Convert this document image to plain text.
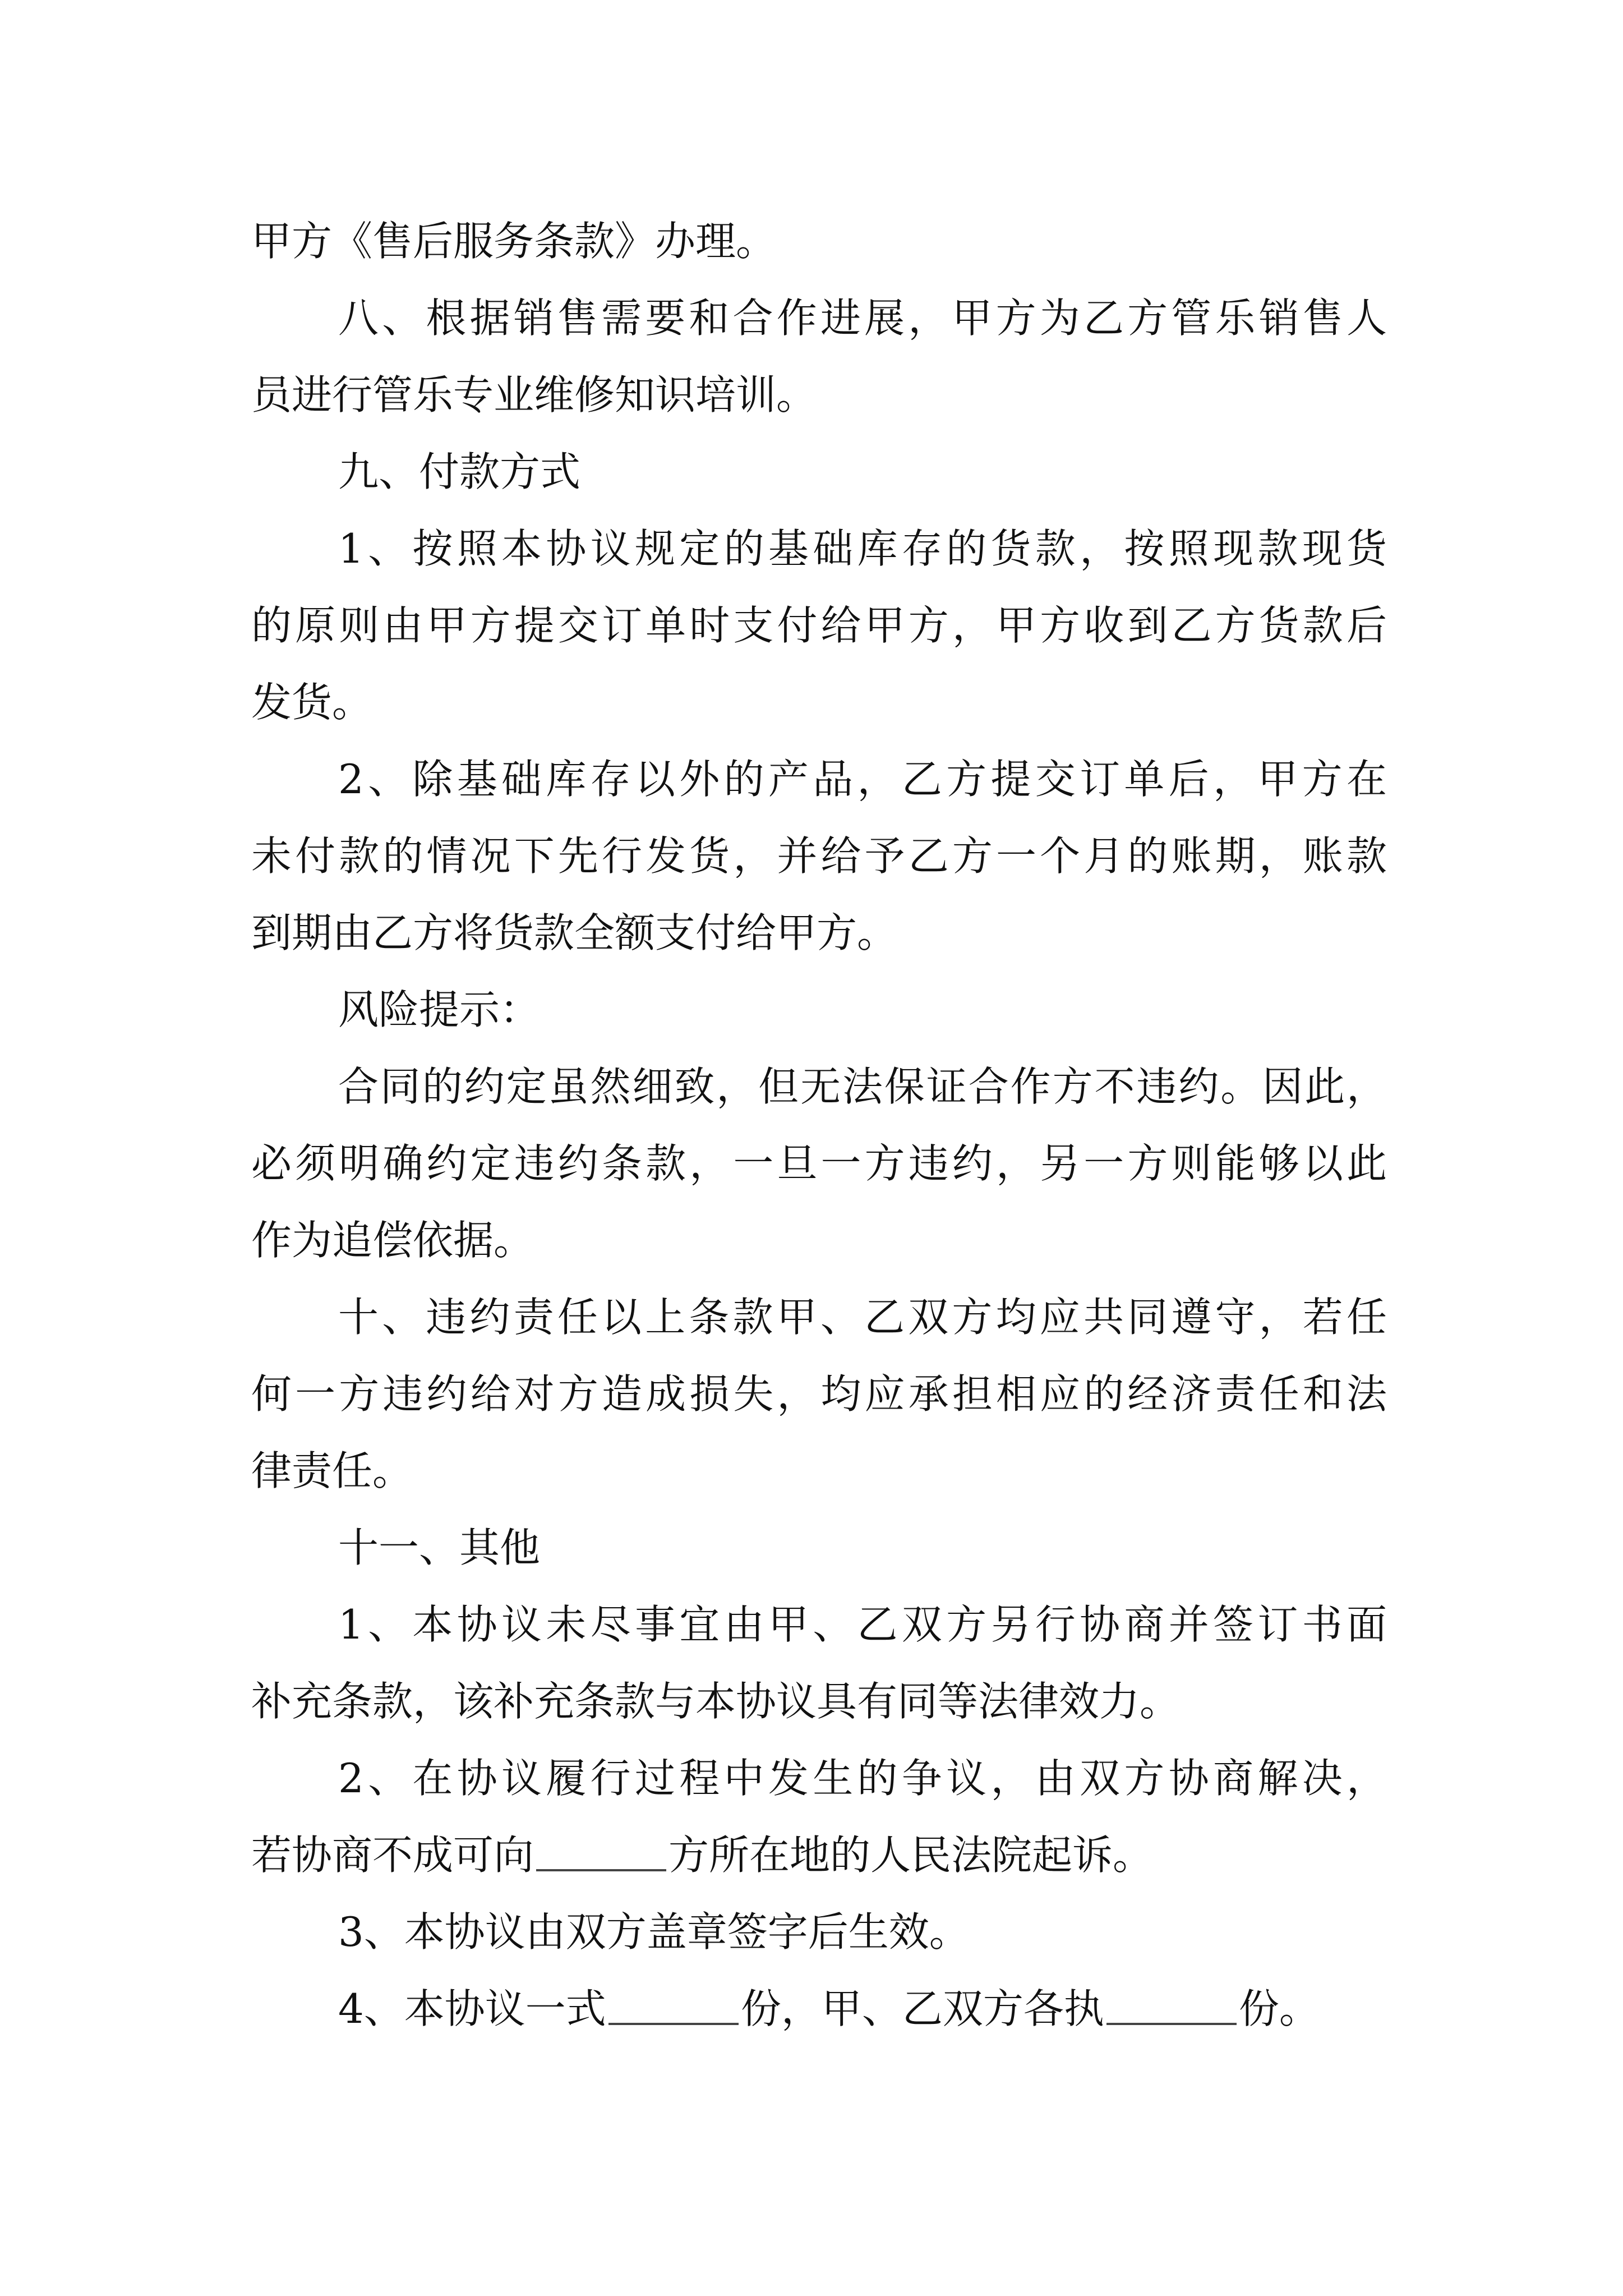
甲方《售后服务条款》办理。
八、根据销售需要和合作进展，甲方为乙方管乐销售人
员进行管乐专业维修知识培训。
九、付款方式
1、按照本协议规定的基础库存的货款，按照现款现货
的原则由甲方提交订单时支付给甲方，甲方收到乙方货款后
发货。
2、除基础库存以外的产品，乙方提交订单后，甲方在
未付款的情况下先行发货，并给予乙方一个月的账期，账款
到期由乙方将货款全额支付给甲方。
风险提示：
合同的约定虽然细致，但无法保证合作方不违约。因此，
必须明确约定违约条款，一旦一方违约，另一方则能够以此
作为追偿依据。
十、违约责任以上条款甲、乙双方均应共同遵守，若任
何一方违约给对方造成损失，均应承担相应的经济责任和法
律责任。
十一、其他
1、本协议未尽事宜由甲、乙双方另行协商并签订书面
补充条款，该补充条款与本协议具有同等法律效力。
2、在协议履行过程中发生的争议，由双方协商解决，
若协商不成可向	方所在地的人民法院起诉。
3、本协议由双方盖章签字后生效。
4、本协议一式	份，甲、乙双方各执	份。
